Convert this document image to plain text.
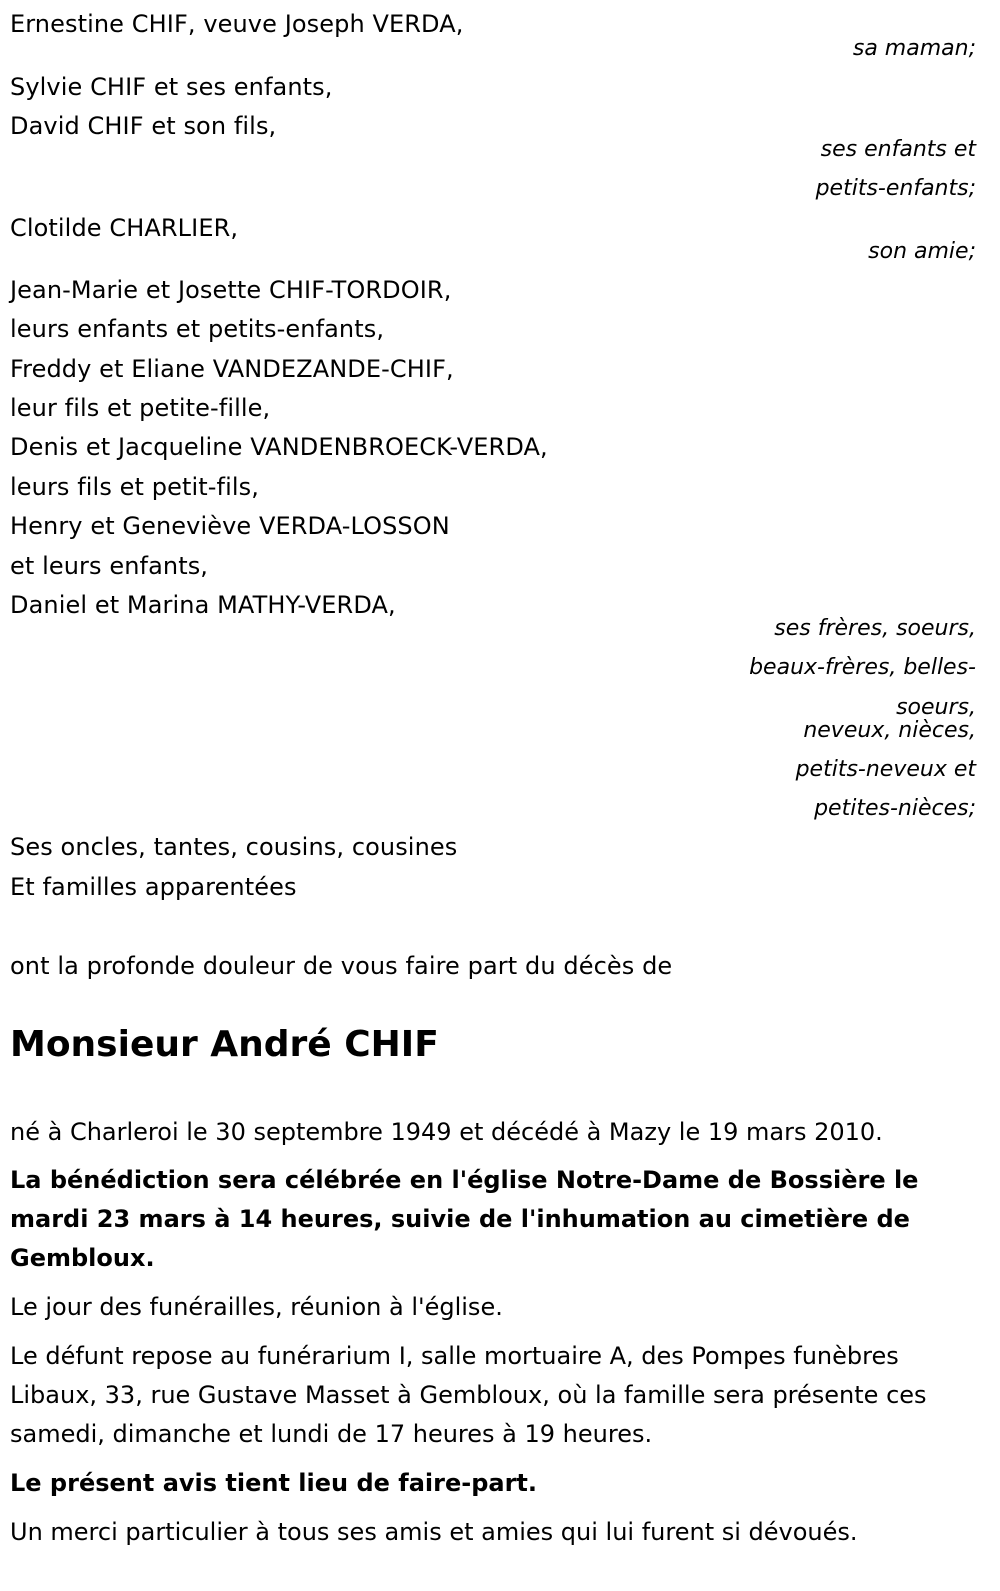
Ernestine CHIF, veuve Joseph VERDA,
sa maman;
Sylvie CHIF et ses enfants,
David CHIF et son fils,
ses enfants et
petits-enfants;
Clotilde CHARLIER,
son amie;
Jean-Marie et Josette CHIF-TORDOIR,
leurs enfants et petits-enfants,
Freddy et Eliane VANDEZANDE-CHIF,
leur fils et petite-fille,
Denis et Jacqueline VANDENBROECK-VERDA,
leurs fils et petit-fils,
Henry et Geneviève VERDA-LOSSON
et leurs enfants,
Daniel et Marina MATHY-VERDA,
ses frères, soeurs,
beaux-frères, belles-
soeurs,
neveux, nièces,
petits-neveux et
petites-nièces;
Ses oncles, tantes, cousins, cousines
Et familles apparentées
ont la profonde douleur de vous faire part du décès de
Monsieur André CHIF
né à Charleroi le 30 septembre 1949 et décédé à Mazy le 19 mars 2010.
La bénédiction sera célébrée en l'église Notre-Dame de Bossière le mardi 23 mars à 14 heures, suivie de l'inhumation au cimetière de Gembloux.
Le jour des funérailles, réunion à l'église.
Le défunt repose au funérarium I, salle mortuaire A, des Pompes funèbres Libaux, 33, rue Gustave Masset à Gembloux, où la famille sera présente ces samedi, dimanche et lundi de 17 heures à 19 heures.
Le présent avis tient lieu de faire-part.
Un merci particulier à tous ses amis et amies qui lui furent si dévoués.
